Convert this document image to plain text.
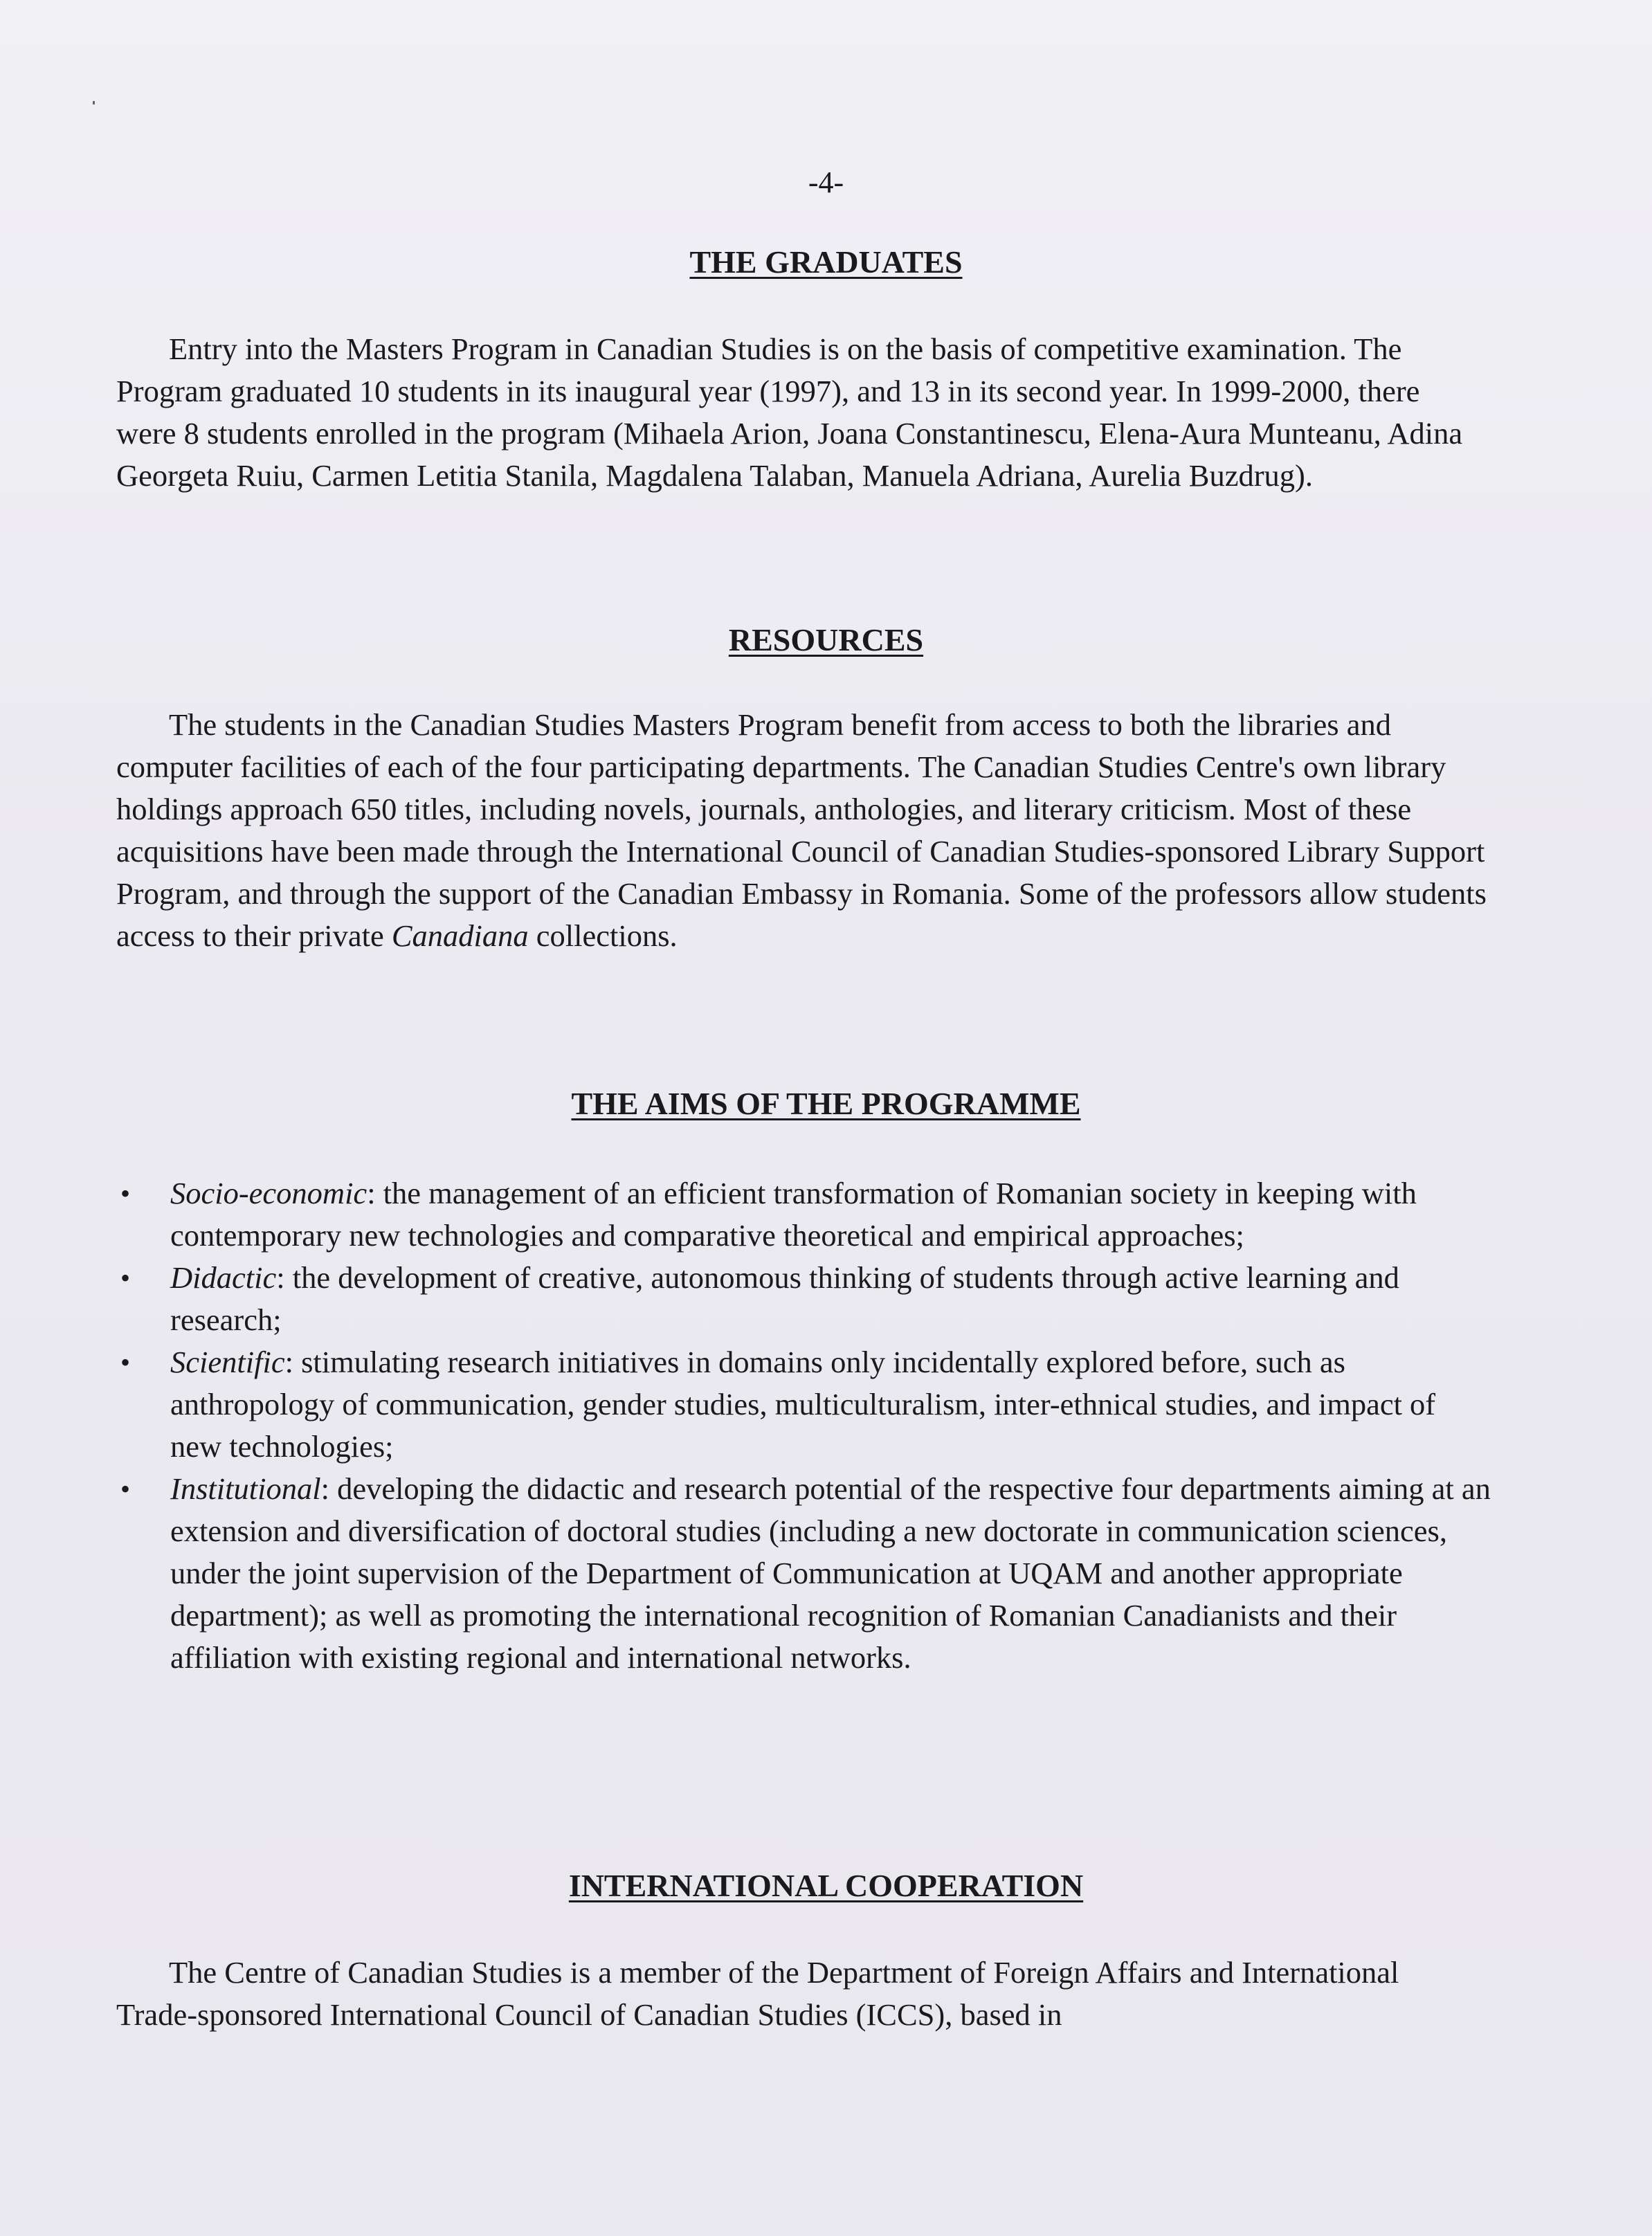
-4-
THE GRADUATES

Entry into the Masters Program in Canadian Studies is on the basis of competitive examination. The Program graduated 10 students in its inaugural year (1997), and 13 in its second year. In 1999-2000, there were 8 students enrolled in the program (Mihaela Arion, Joana Constantinescu, Elena-Aura Munteanu, Adina Georgeta Ruiu, Carmen Letitia Stanila, Magdalena Talaban, Manuela Adriana, Aurelia Buzdrug).

RESOURCES

The students in the Canadian Studies Masters Program benefit from access to both the libraries and computer facilities of each of the four participating departments. The Canadian Studies Centre's own library holdings approach 650 titles, including novels, journals, anthologies, and literary criticism. Most of these acquisitions have been made through the International Council of Canadian Studies-sponsored Library Support Program, and through the support of the Canadian Embassy in Romania. Some of the professors allow students access to their private Canadiana collections.

THE AIMS OF THE PROGRAMME
• Socio-economic: the management of an efficient transformation of Romanian society in keeping with contemporary new technologies and comparative theoretical and empirical approaches;
• Didactic: the development of creative, autonomous thinking of students through active learning and research;
• Scientific: stimulating research initiatives in domains only incidentally explored before, such as anthropology of communication, gender studies, multiculturalism, inter-ethnical studies, and impact of new technologies;
• Institutional: developing the didactic and research potential of the respective four departments aiming at an extension and diversification of doctoral studies (including a new doctorate in communication sciences, under the joint supervision of the Department of Communication at UQAM and another appropriate department); as well as promoting the international recognition of Romanian Canadianists and their affiliation with existing regional and international networks.
INTERNATIONAL COOPERATION

The Centre of Canadian Studies is a member of the Department of Foreign Affairs and International Trade-sponsored International Council of Canadian Studies (ICCS), based in
